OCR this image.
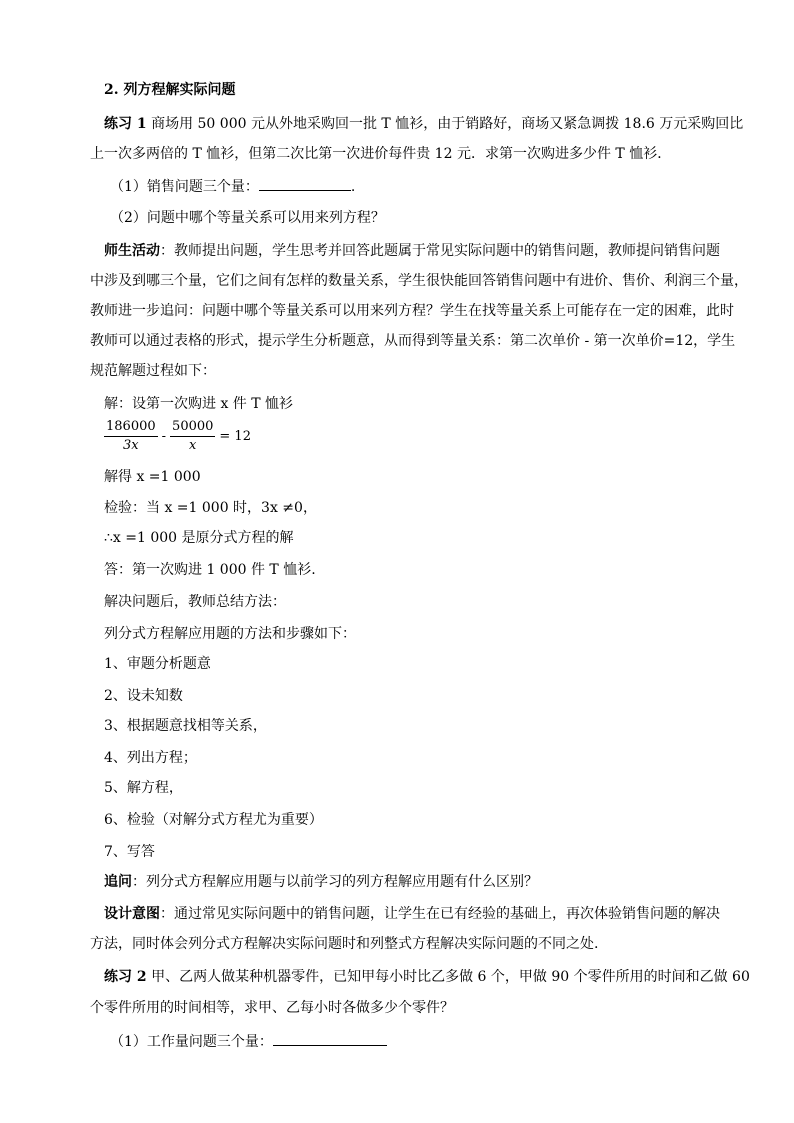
2. 列方程解实际问题
练习 1 商场用 50 000 元从外地采购回一批 T 恤衫，由于销路好，商场又紧急调拨 18.6 万元采购回比
上一次多两倍的 T 恤衫，但第二次比第一次进价每件贵 12 元．求第一次购进多少件 T 恤衫．
（1）销售问题三个量：	.
（2）问题中哪个等量关系可以用来列方程？
师生活动：教师提出问题，学生思考并回答此题属于常见实际问题中的销售问题，教师提问销售问题
中涉及到哪三个量，它们之间有怎样的数量关系，学生很快能回答销售问题中有进价、售价、利润三个量，
教师进一步追问：问题中哪个等量关系可以用来列方程？学生在找等量关系上可能存在一定的困难，此时
教师可以通过表格的形式，提示学生分析题意，从而得到等量关系：第二次单价 - 第一次单价=12，学生
规范解题过程如下：
解：设第一次购进 x 件 T 恤衫
$\frac{186000}{3x} - \frac{50000}{x} = 12$
解得 x =1 000
检验：当 x =1 000 时，3x ≠0，
∴x =1 000 是原分式方程的解
答：第一次购进 1 000 件 T 恤衫.
解决问题后，教师总结方法：
列分式方程解应用题的方法和步骤如下：
1、审题分析题意
2、设未知数
3、根据题意找相等关系，
4、列出方程；
5、解方程，
6、检验（对解分式方程尤为重要）
7、写答
追问：列分式方程解应用题与以前学习的列方程解应用题有什么区别？
设计意图：通过常见实际问题中的销售问题，让学生在已有经验的基础上，再次体验销售问题的解决
方法，同时体会列分式方程解决实际问题时和列整式方程解决实际问题的不同之处.
练习 2 甲、乙两人做某种机器零件，已知甲每小时比乙多做 6 个，甲做 90 个零件所用的时间和乙做 60
个零件所用的时间相等，求甲、乙每小时各做多少个零件？
（1）工作量问题三个量：
